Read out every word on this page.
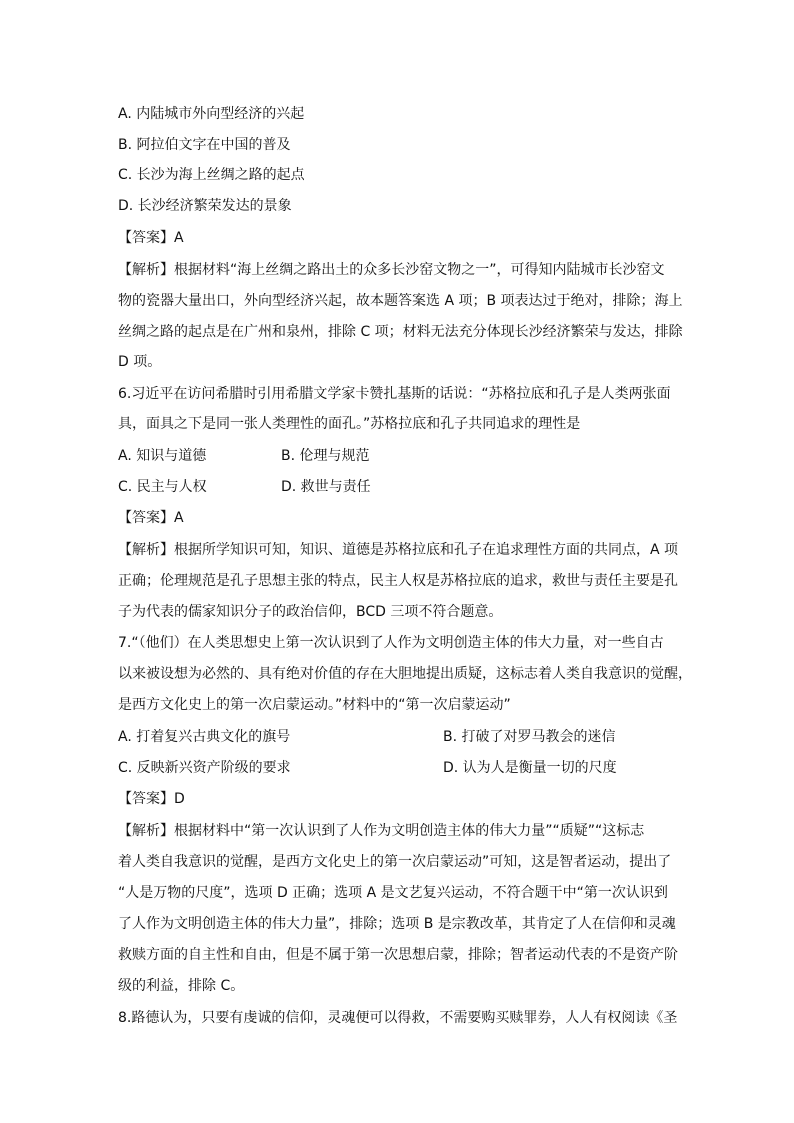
A. 内陆城市外向型经济的兴起
B. 阿拉伯文字在中国的普及
C. 长沙为海上丝绸之路的起点
D. 长沙经济繁荣发达的景象
【答案】A
【解析】根据材料“海上丝绸之路出土的众多长沙窑文物之一”，可得知内陆城市长沙窑文
物的瓷器大量出口，外向型经济兴起，故本题答案选 A 项；B 项表达过于绝对，排除；海上
丝绸之路的起点是在广州和泉州，排除 C 项；材料无法充分体现长沙经济繁荣与发达，排除
D 项。
6.习近平在访问希腊时引用希腊文学家卡赞扎基斯的话说：“苏格拉底和孔子是人类两张面
具，面具之下是同一张人类理性的面孔。”苏格拉底和孔子共同追求的理性是
A. 知识与道德	B. 伦理与规范
C. 民主与人权	D. 救世与责任
【答案】A
【解析】根据所学知识可知，知识、道德是苏格拉底和孔子在追求理性方面的共同点，A 项
正确；伦理规范是孔子思想主张的特点，民主人权是苏格拉底的追求，救世与责任主要是孔
子为代表的儒家知识分子的政治信仰，BCD 三项不符合题意。
7.“（他们）在人类思想史上第一次认识到了人作为文明创造主体的伟大力量，对一些自古
以来被设想为必然的、具有绝对价值的存在大胆地提出质疑，这标志着人类自我意识的觉醒，
是西方文化史上的第一次启蒙运动。”材料中的“第一次启蒙运动”
A. 打着复兴古典文化的旗号	B. 打破了对罗马教会的迷信
C. 反映新兴资产阶级的要求	D. 认为人是衡量一切的尺度
【答案】D
【解析】根据材料中“第一次认识到了人作为文明创造主体的伟大力量”“质疑”“这标志
着人类自我意识的觉醒，是西方文化史上的第一次启蒙运动”可知，这是智者运动，提出了
“人是万物的尺度”，选项 D 正确；选项 A 是文艺复兴运动，不符合题干中“第一次认识到
了人作为文明创造主体的伟大力量”，排除；选项 B 是宗教改革，其肯定了人在信仰和灵魂
救赎方面的自主性和自由，但是不属于第一次思想启蒙，排除；智者运动代表的不是资产阶
级的利益，排除 C。
8.路德认为，只要有虔诚的信仰，灵魂便可以得救，不需要购买赎罪券，人人有权阅读《圣
